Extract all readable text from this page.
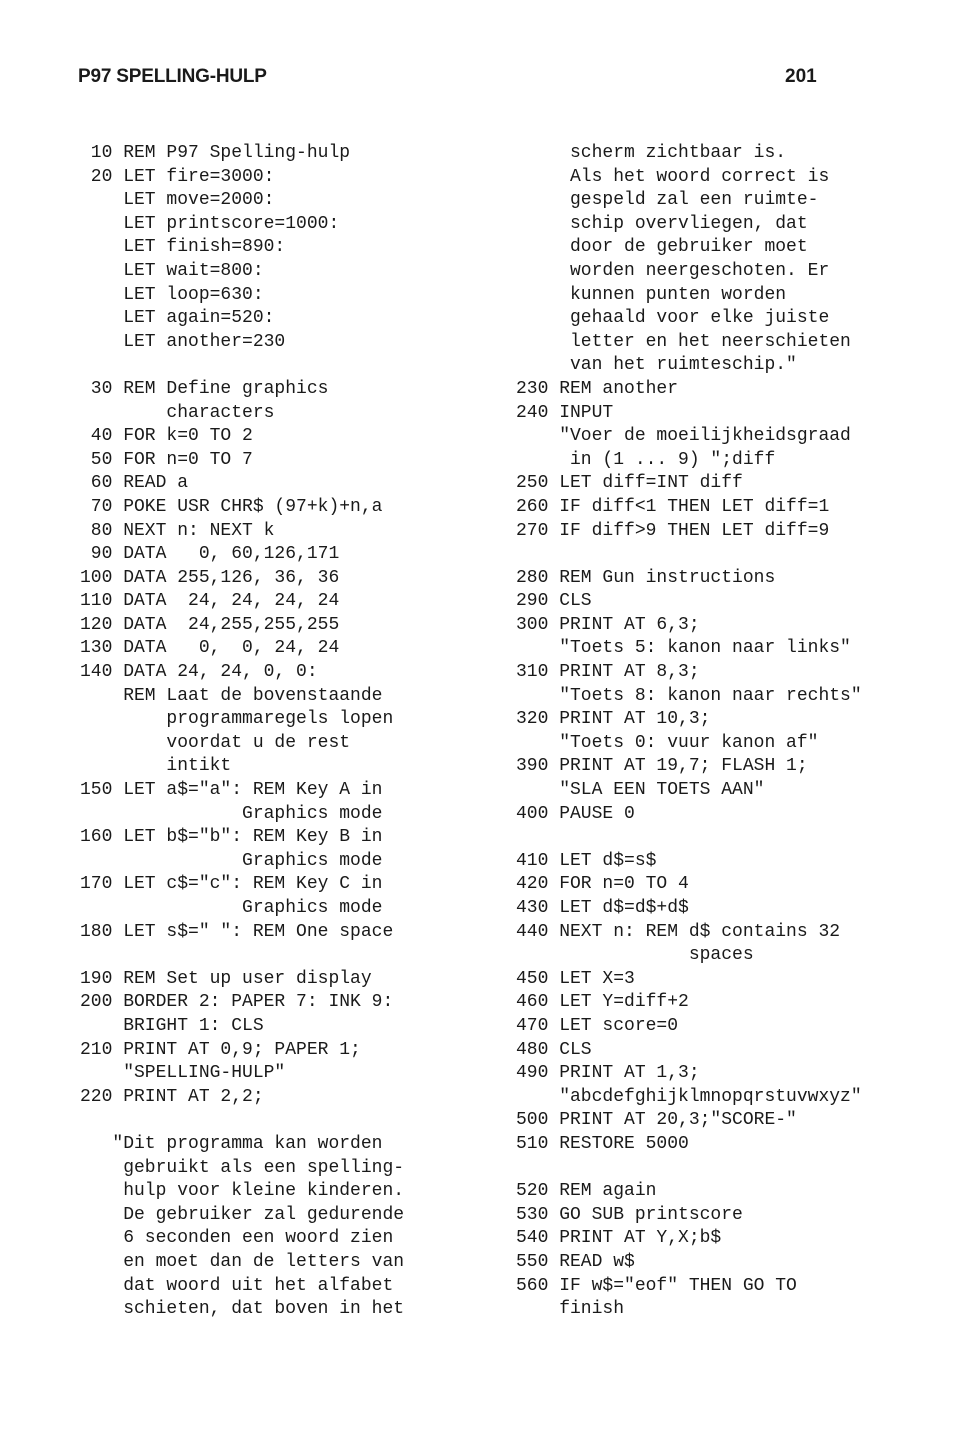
P97 SPELLING-HULP	201
10 REM P97 Spelling-hulp
20 LET fire=3000:
LET move=2000:
LET printscore=1000:
LET finish=890:
LET wait=800:
LET loop=630:
LET again=520:
LET another=230
30 REM Define graphics
characters
40 FOR k=0 TO 2
50 FOR n=0 TO 7
60 READ a
70 POKE USR CHR$ (97+k)+n,a
80 NEXT n: NEXT k
90 DATA   0, 60,126,171
100 DATA 255,126, 36, 36
110 DATA  24, 24, 24, 24
120 DATA  24,255,255,255
130 DATA   0,  0, 24, 24
140 DATA 24, 24, 0, 0:
REM Laat de bovenstaande
programmaregels lopen
voordat u de rest
intikt
150 LET a$="a": REM Key A in
Graphics mode
160 LET b$="b": REM Key B in
Graphics mode
170 LET c$="c": REM Key C in
Graphics mode
180 LET s$=" ": REM One space
190 REM Set up user display
200 BORDER 2: PAPER 7: INK 9:
BRIGHT 1: CLS
210 PRINT AT 0,9; PAPER 1;
"SPELLING-HULP"
220 PRINT AT 2,2;
"Dit programma kan worden
gebruikt als een spelling-
hulp voor kleine kinderen.
De gebruiker zal gedurende
6 seconden een woord zien
en moet dan de letters van
dat woord uit het alfabet
schieten, dat boven in het
scherm zichtbaar is.
Als het woord correct is
gespeld zal een ruimte-
schip overvliegen, dat
door de gebruiker moet
worden neergeschoten. Er
kunnen punten worden
gehaald voor elke juiste
letter en het neerschieten
van het ruimteschip."
230 REM another
240 INPUT
"Voer de moeilijkheidsgraad
in (1 ... 9) ";diff
250 LET diff=INT diff
260 IF diff<1 THEN LET diff=1
270 IF diff>9 THEN LET diff=9
280 REM Gun instructions
290 CLS
300 PRINT AT 6,3;
"Toets 5: kanon naar links"
310 PRINT AT 8,3;
"Toets 8: kanon naar rechts"
320 PRINT AT 10,3;
"Toets 0: vuur kanon af"
390 PRINT AT 19,7; FLASH 1;
"SLA EEN TOETS AAN"
400 PAUSE 0
410 LET d$=s$
420 FOR n=0 TO 4
430 LET d$=d$+d$
440 NEXT n: REM d$ contains 32
spaces
450 LET X=3
460 LET Y=diff+2
470 LET score=0
480 CLS
490 PRINT AT 1,3;
"abcdefghijklmnopqrstuvwxyz"
500 PRINT AT 20,3;"SCORE-"
510 RESTORE 5000
520 REM again
530 GO SUB printscore
540 PRINT AT Y,X;b$
550 READ w$
560 IF w$="eof" THEN GO TO
finish
